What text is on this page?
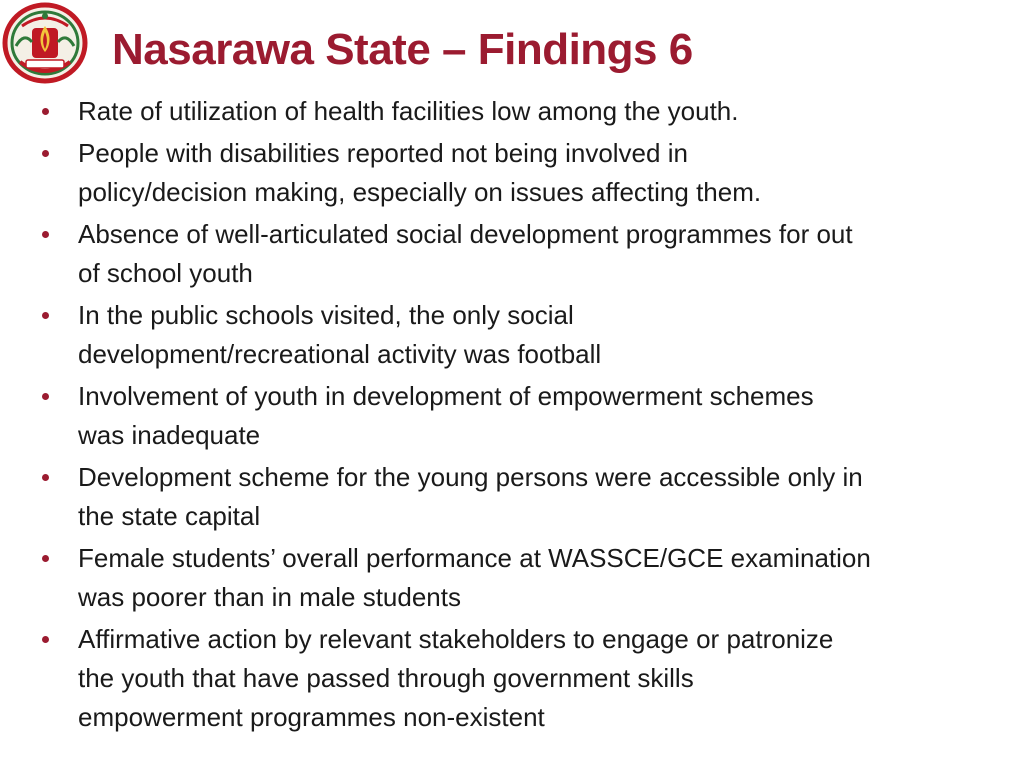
Nasarawa State – Findings 6
Rate of utilization of health facilities low among the youth.
People with disabilities reported not being involved in
policy/decision making, especially on issues affecting them.
Absence of well-articulated social development programmes for out
of school youth
In the public schools visited, the only social
development/recreational activity was football
Involvement of youth in development of empowerment schemes
was inadequate
Development scheme for the young persons were accessible only in
the state capital
Female students’ overall performance at WASSCE/GCE examination
was poorer than in male students
Affirmative action by relevant stakeholders to engage or patronize
the youth that have passed through government skills
empowerment programmes non-existent
